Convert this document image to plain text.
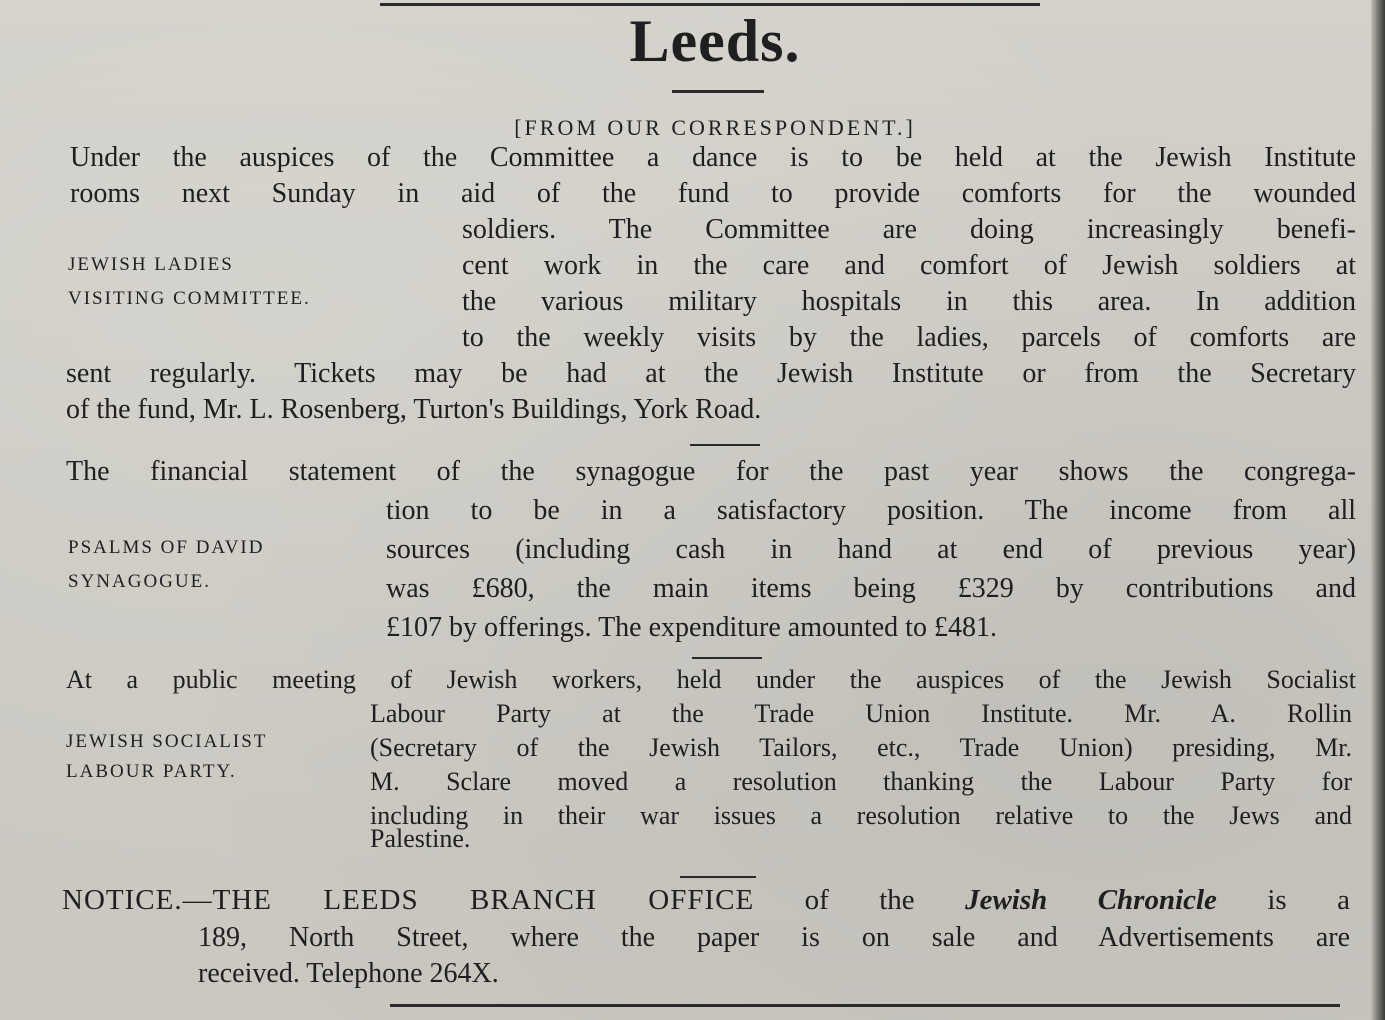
Leeds.
[FROM OUR CORRESPONDENT.]
Under the auspices of the Committee a dance is to be held at the Jewish Institute
rooms next Sunday in aid of the fund to provide comforts for the wounded
soldiers. The Committee are doing increasingly benefi-
cent work in the care and comfort of Jewish soldiers at
the various military hospitals in this area. In addition
to the weekly visits by the ladies, parcels of comforts are
sent regularly. Tickets may be had at the Jewish Institute or from the Secretary
of the fund, Mr. L. Rosenberg, Turton's Buildings, York Road.
JEWISH LADIES
VISITING COMMITTEE.
The financial statement of the synagogue for the past year shows the congrega-
tion to be in a satisfactory position. The income from all
sources (including cash in hand at end of previous year)
was £680, the main items being £329 by contributions and
£107 by offerings. The expenditure amounted to £481.
PSALMS OF DAVID
SYNAGOGUE.
At a public meeting of Jewish workers, held under the auspices of the Jewish Socialist
Labour Party at the Trade Union Institute. Mr. A. Rollin
(Secretary of the Jewish Tailors, etc., Trade Union) presiding, Mr.
M. Sclare moved a resolution thanking the Labour Party for
including in their war issues a resolution relative to the Jews and
Palestine.
JEWISH SOCIALIST
LABOUR PARTY.
NOTICE.—THE LEEDS BRANCH OFFICE of the Jewish Chronicle is a
189, North Street, where the paper is on sale and Advertisements are
received. Telephone 264X.
